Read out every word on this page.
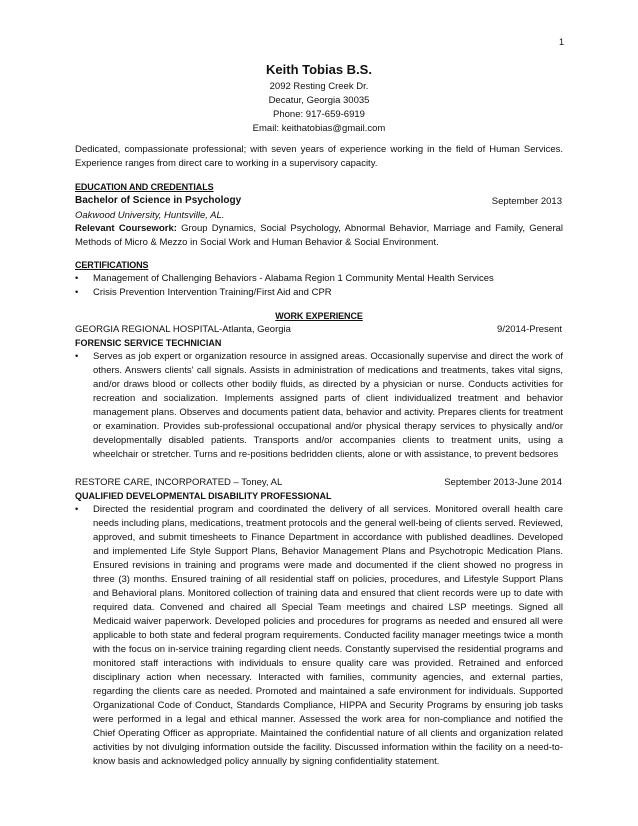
1
Keith Tobias B.S.
2092 Resting Creek Dr.
Decatur, Georgia 30035
Phone: 917-659-6919
Email: keithatobias@gmail.com
Dedicated, compassionate professional; with seven years of experience working in the field of Human Services. Experience ranges from direct care to working in a supervisory capacity.
EDUCATION AND CREDENTIALS
Bachelor of Science in Psychology	September 2013
Oakwood University, Huntsville, AL.
Relevant Coursework: Group Dynamics, Social Psychology, Abnormal Behavior, Marriage and Family, General Methods of Micro & Mezzo in Social Work and Human Behavior & Social Environment.
CERTIFICATIONS
• Management of Challenging Behaviors - Alabama Region 1 Community Mental Health Services
• Crisis Prevention Intervention Training/First Aid and CPR
WORK EXPERIENCE
GEORGIA REGIONAL HOSPITAL-Atlanta, Georgia	9/2014-Present
FORENSIC SERVICE TECHNICIAN
• Serves as job expert or organization resource in assigned areas. Occasionally supervise and direct the work of others. Answers clients' call signals. Assists in administration of medications and treatments, takes vital signs, and/or draws blood or collects other bodily fluids, as directed by a physician or nurse. Conducts activities for recreation and socialization. Implements assigned parts of client individualized treatment and behavior management plans. Observes and documents patient data, behavior and activity. Prepares clients for treatment or examination. Provides sub-professional occupational and/or physical therapy services to physically and/or developmentally disabled patients. Transports and/or accompanies clients to treatment units, using a wheelchair or stretcher. Turns and re-positions bedridden clients, alone or with assistance, to prevent bedsores
RESTORE CARE, INCORPORATED – Toney, AL	September 2013-June 2014
QUALIFIED DEVELOPMENTAL DISABILITY PROFESSIONAL
• Directed the residential program and coordinated the delivery of all services. Monitored overall health care needs including plans, medications, treatment protocols and the general well-being of clients served. Reviewed, approved, and submit timesheets to Finance Department in accordance with published deadlines. Developed and implemented Life Style Support Plans, Behavior Management Plans and Psychotropic Medication Plans. Ensured revisions in training and programs were made and documented if the client showed no progress in three (3) months. Ensured training of all residential staff on policies, procedures, and Lifestyle Support Plans and Behavioral plans. Monitored collection of training data and ensured that client records were up to date with required data. Convened and chaired all Special Team meetings and chaired LSP meetings. Signed all Medicaid waiver paperwork. Developed policies and procedures for programs as needed and ensured all were applicable to both state and federal program requirements. Conducted facility manager meetings twice a month with the focus on in-service training regarding client needs. Constantly supervised the residential programs and monitored staff interactions with individuals to ensure quality care was provided. Retrained and enforced disciplinary action when necessary. Interacted with families, community agencies, and external parties, regarding the clients care as needed. Promoted and maintained a safe environment for individuals. Supported Organizational Code of Conduct, Standards Compliance, HIPPA and Security Programs by ensuring job tasks were performed in a legal and ethical manner. Assessed the work area for non-compliance and notified the Chief Operating Officer as appropriate. Maintained the confidential nature of all clients and organization related activities by not divulging information outside the facility. Discussed information within the facility on a need-to-know basis and acknowledged policy annually by signing confidentiality statement.
